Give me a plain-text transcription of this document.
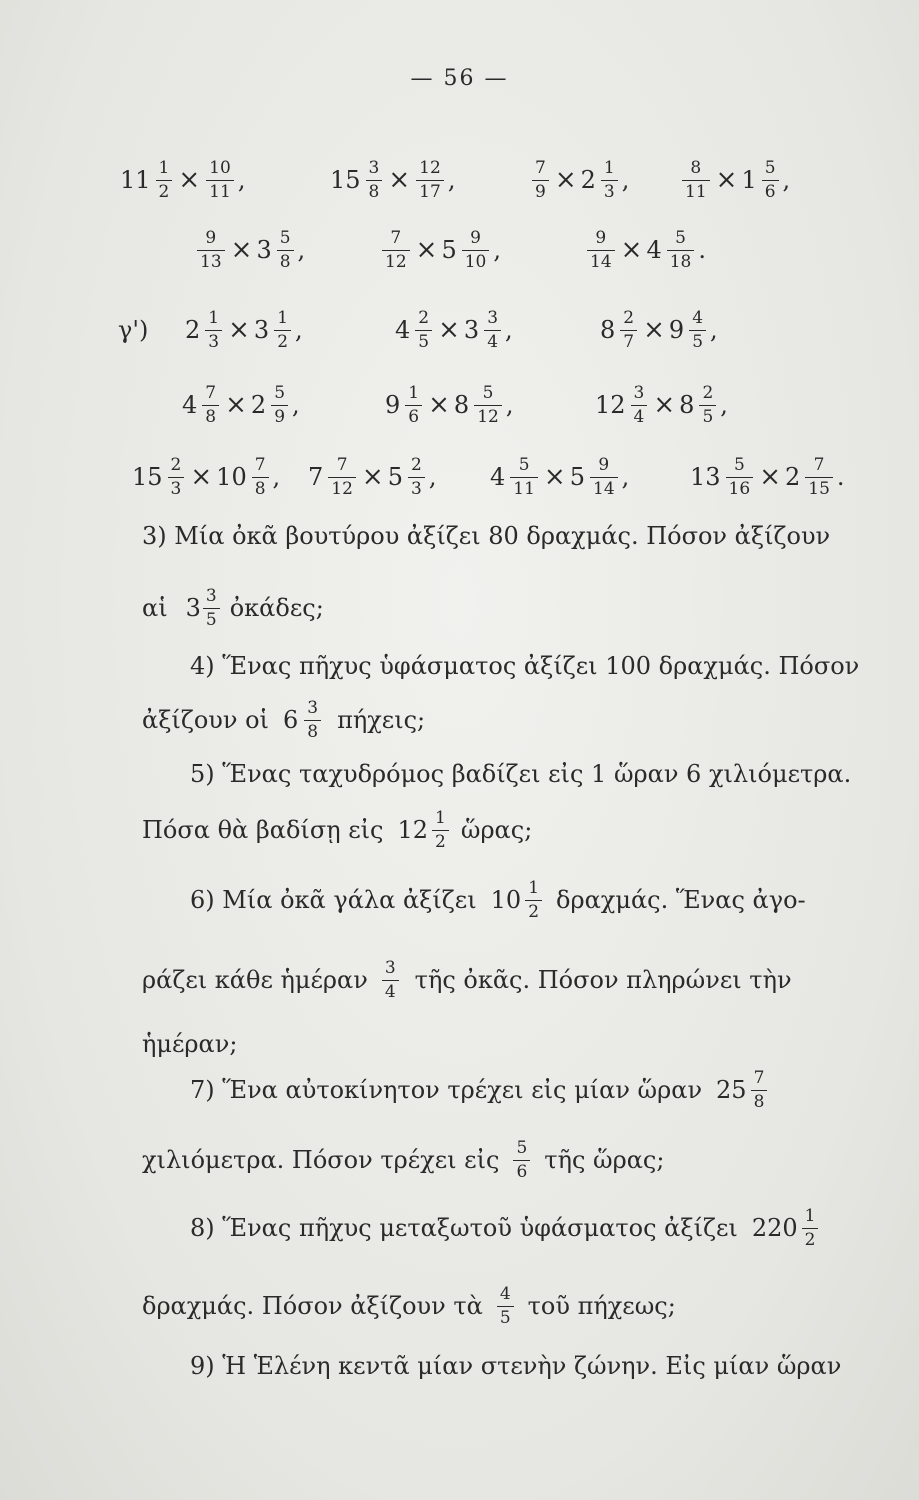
— 56 —
$11 \frac{1}{2} \times \frac{10}{11}$ ,	$15 \frac{3}{8} \times \frac{12}{17}$ ,	$\frac{7}{9} \times 2 \frac{1}{3}$ ,	$\frac{8}{11} \times 1 \frac{5}{6}$ ,
$\frac{9}{13} \times 3 \frac{5}{8}$ ,	$\frac{7}{12} \times 5 \frac{9}{10}$ ,	$\frac{9}{14} \times 4 \frac{5}{18}$ .
γ') $2 \frac{1}{3} \times 3 \frac{1}{2}$ ,	$4 \frac{2}{5} \times 3 \frac{3}{4}$ ,	$8 \frac{2}{7} \times 9 \frac{4}{5}$ ,
$4 \frac{7}{8} \times 2 \frac{5}{9}$ ,	$9 \frac{1}{6} \times 8 \frac{5}{12}$ ,	$12 \frac{3}{4} \times 8 \frac{2}{5}$ ,
$15 \frac{2}{3} \times 10 \frac{7}{8}$ , $7 \frac{7}{12} \times 5 \frac{2}{3}$ , $4 \frac{5}{11} \times 5 \frac{9}{14}$ ,	$13 \frac{5}{16} \times 2 \frac{7}{15}$ .
3) Μία ὀκᾶ βουτύρου ἀξίζει 80 δραχμάς. Πόσον ἀξίζουν
αἱ $3 \frac{3}{5}$ ὀκάδες;
4) Ἕνας πῆχυς ὑφάσματος ἀξίζει 100 δραχμάς. Πόσον
ἀξίζουν οἱ $6 \frac{3}{8} \pi ή\chi\varepsilon\iota\varsigma$;
5) Ἕνας ταχυδρόμος βαδίζει εἰς 1 ὥραν 6 χιλιόμετρα.
Πόσα θὰ βαδίσῃ εἰς $12 \frac{1}{2}$ ὥρας;
6) Μία ὀκᾶ γάλα ἀξίζει $10 \frac{1}{2} \delta\rho\alpha\chi\mu ά\varsigma$. Ἕνας ἀγο-
ράζει κάθε ἡμέραν $\frac{3}{4}$ τῆς ὀκᾶς. Πόσον πληρώνει τὴν
ἡμέραν;
7) Ἕνα αὐτοκίνητον τρέχει εἰς μίαν ὥραν $25 \frac{7}{8}$
χιλιόμετρα. Πόσον τρέχει εἰς $\frac{5}{6}$ τῆς ὥρας;
8) Ἕνας πῆχυς μεταξωτοῦ ὑφάσματος ἀξίζει $220 \frac{1}{2}$
δραχμάς. Πόσον ἀξίζουν τὰ $\frac{4}{5}$ τοῦ πήχεως;
9) Ἡ Ἑλένη κεντᾶ μίαν στενὴν ζώνην. Εἰς μίαν ὥραν
